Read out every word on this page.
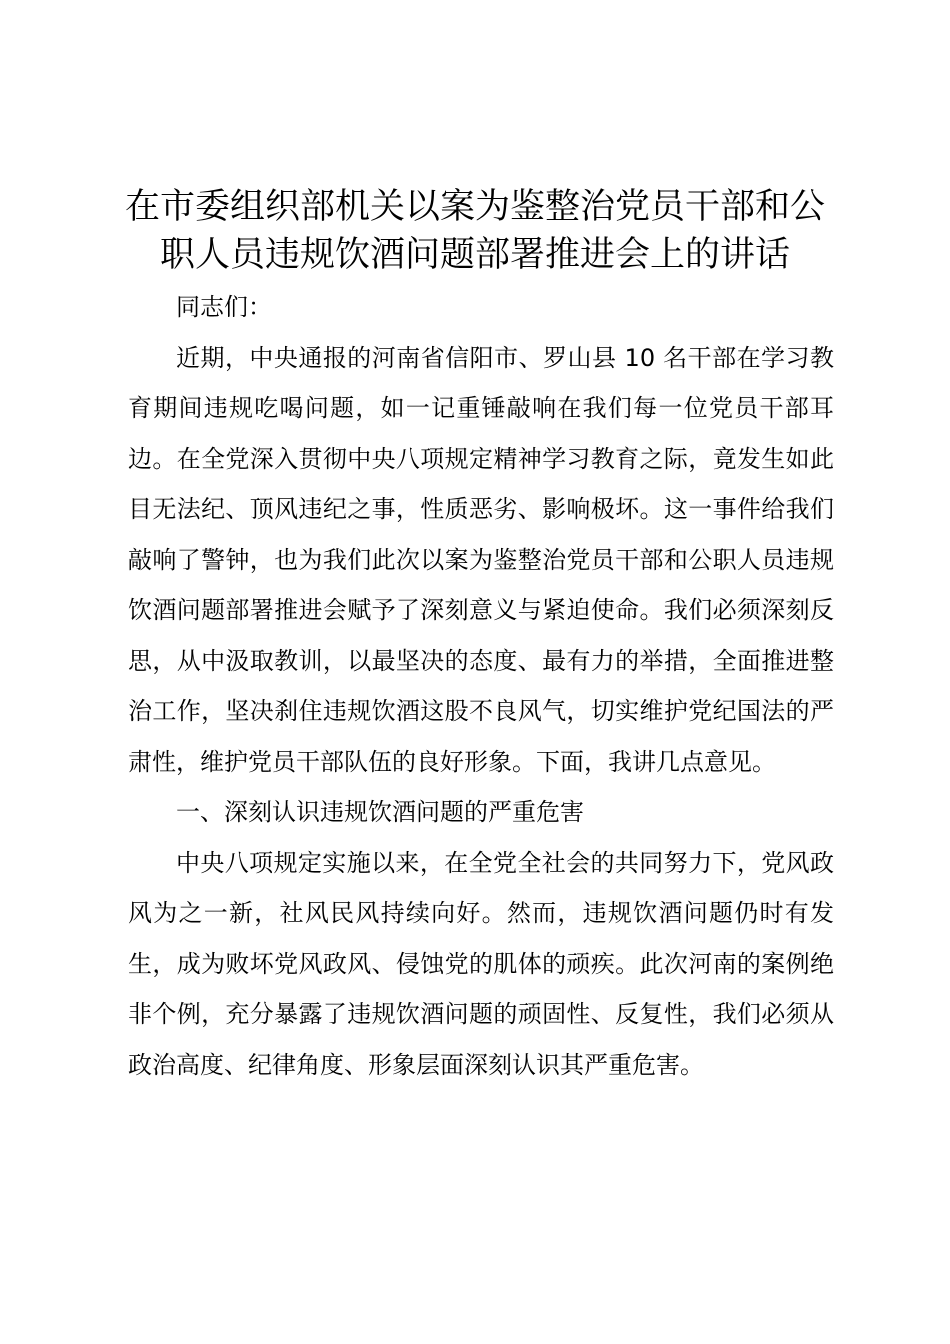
在市委组织部机关以案为鉴整治党员干部和公
职人员违规饮酒问题部署推进会上的讲话

同志们：

近期，中央通报的河南省信阳市、罗山县 10 名干部在学习教育期间违规吃喝问题，如一记重锤敲响在我们每一位党员干部耳边。在全党深入贯彻中央八项规定精神学习教育之际，竟发生如此目无法纪、顶风违纪之事，性质恶劣、影响极坏。这一事件给我们敲响了警钟，也为我们此次以案为鉴整治党员干部和公职人员违规饮酒问题部署推进会赋予了深刻意义与紧迫使命。我们必须深刻反思，从中汲取教训，以最坚决的态度、最有力的举措，全面推进整治工作，坚决刹住违规饮酒这股不良风气，切实维护党纪国法的严肃性，维护党员干部队伍的良好形象。下面，我讲几点意见。

一、深刻认识违规饮酒问题的严重危害

中央八项规定实施以来，在全党全社会的共同努力下，党风政风为之一新，社风民风持续向好。然而，违规饮酒问题仍时有发生，成为败坏党风政风、侵蚀党的肌体的顽疾。此次河南的案例绝非个例，充分暴露了违规饮酒问题的顽固性、反复性，我们必须从政治高度、纪律角度、形象层面深刻认识其严重危害。
